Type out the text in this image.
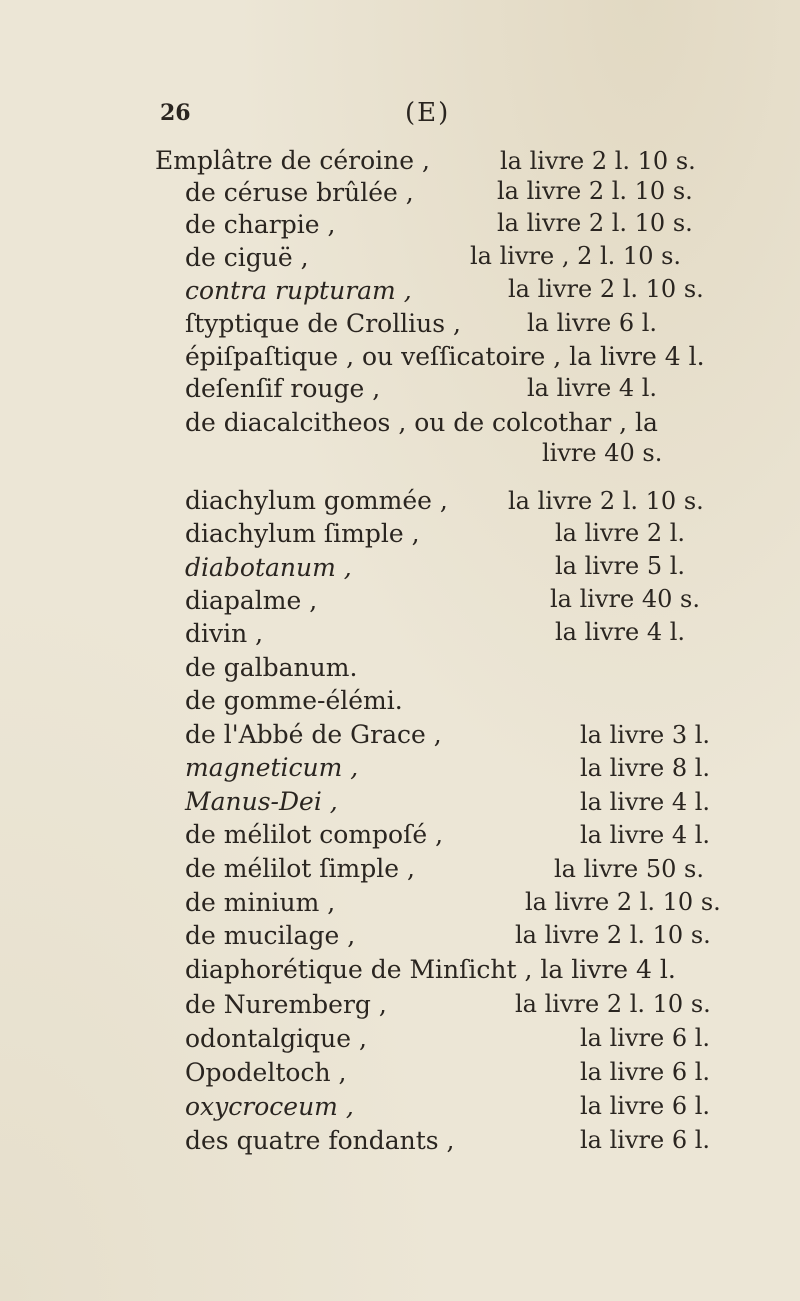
26	(E)
Emplâtre de céroine ,	la livre 2 l. 10 s.
de céruse brûlée ,	la livre 2 l. 10 s.
de charpie ,	la livre 2 l. 10 s.
de ciguë ,	la livre , 2 l. 10 s.
contra rupturam ,	la livre 2 l. 10 s.
ſtyptique de Crollius ,	la livre 6 l.
épiſpaſtique , ou veſſicatoire , la livre 4 l.
deſenſif rouge ,	la livre 4 l.
de diacalcitheos , ou de colcothar , la
livre 40 s.
diachylum gommée ,	la livre 2 l. 10 s.
diachylum ſimple ,	la livre 2 l.
diabotanum ,	la livre 5 l.
diapalme ,	la livre 40 s.
divin ,	la livre 4 l.
de galbanum.
de gomme-élémi.
de l'Abbé de Grace ,	la livre 3 l.
magneticum ,	la livre 8 l.
Manus-Dei ,	la livre 4 l.
de mélilot compoſé ,	la livre 4 l.
de mélilot ſimple ,	la livre 50 s.
de minium ,	la livre 2 l. 10 s.
de mucilage ,	la livre 2 l. 10 s.
diaphorétique de Minſicht , la livre 4 l.
de Nuremberg ,	la livre 2 l. 10 s.
odontalgique ,	la livre 6 l.
Opodeltoch ,	la livre 6 l.
oxycroceum ,	la livre 6 l.
des quatre fondants ,	la livre 6 l.
